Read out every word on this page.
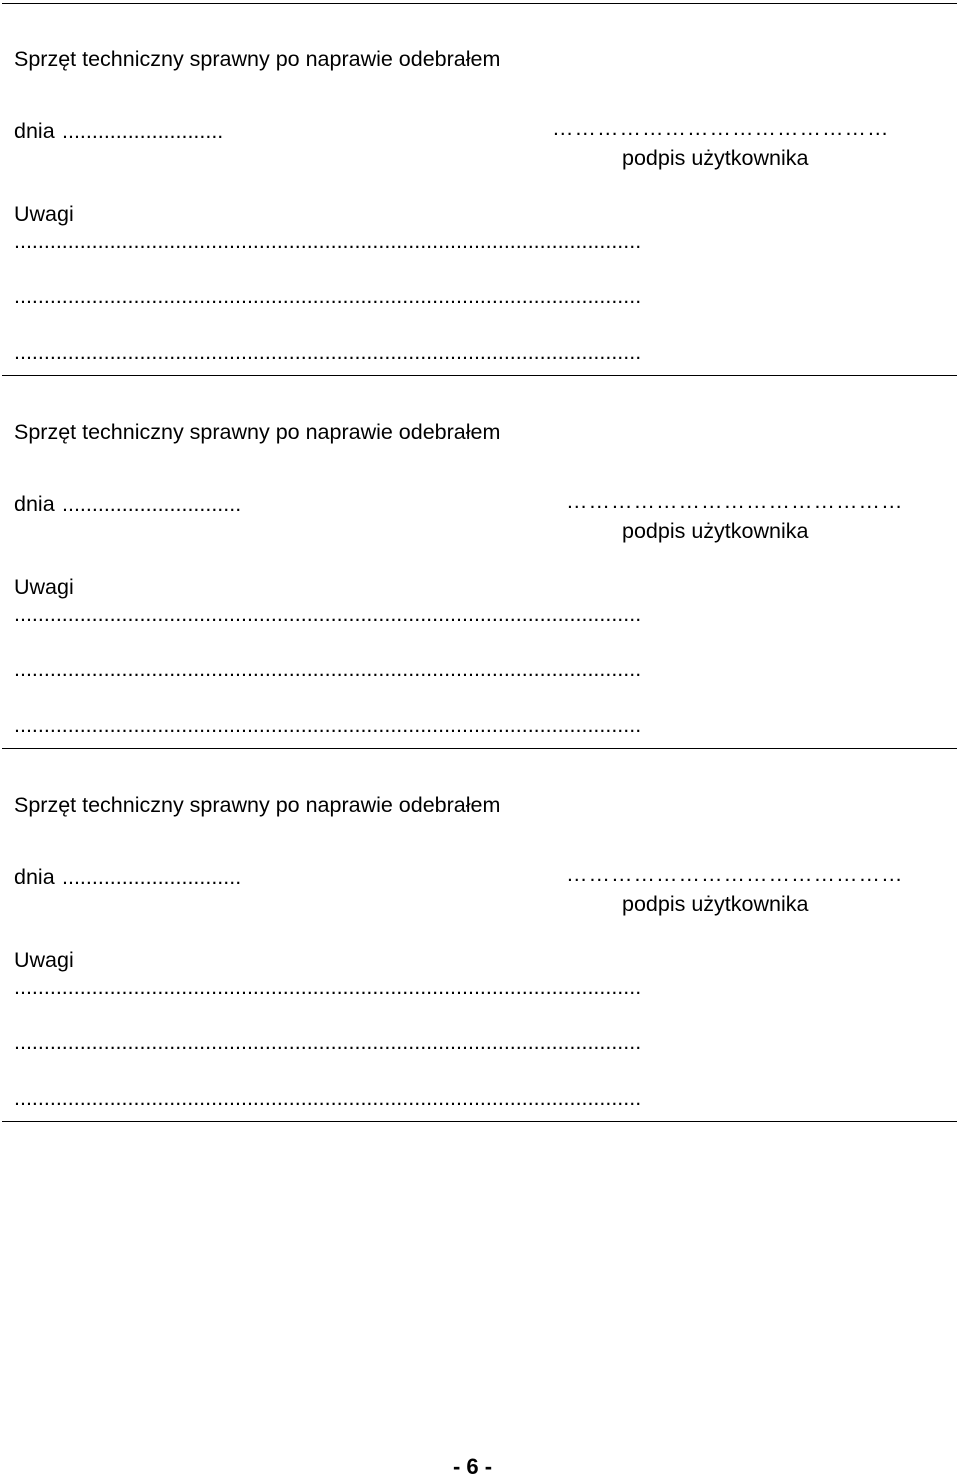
Sprzęt techniczny sprawny po naprawie odebrałem
dnia ...........................	………………………………………
podpis użytkownika
Uwagi
.........................................................................................................
.........................................................................................................
.........................................................................................................
Sprzęt techniczny sprawny po naprawie odebrałem
dnia ..............................	………………………………………
podpis użytkownika
Uwagi
.........................................................................................................
.........................................................................................................
.........................................................................................................
Sprzęt techniczny sprawny po naprawie odebrałem
dnia ..............................	………………………………………
podpis użytkownika
Uwagi
.........................................................................................................
.........................................................................................................
.........................................................................................................
- 6 -
